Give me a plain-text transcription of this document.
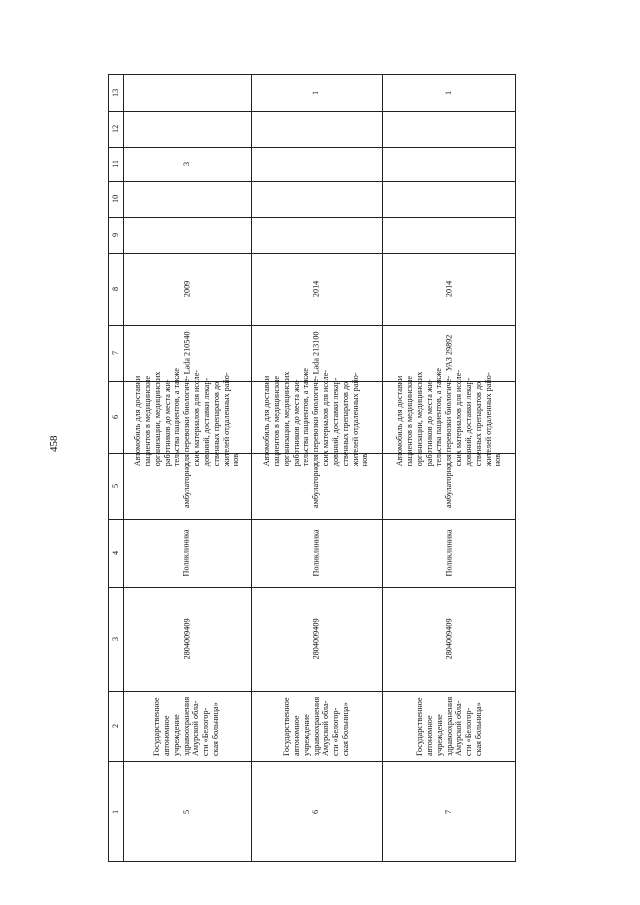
458
1
2
3
4
5
6
7
8
9
10
11
12
13
5
Государственное
автономное
учреждение
здравоохранения
Амурской обла-
сти «Белогор-
ская больница»
2804009409
Поликлиника
амбулаторно
Автомобиль для доставки
пациентов в медицинские
организации, медицинских
работников до места жи-
тельства пациентов, а также
для перевозки биологиче-
ских материалов для иссле-
дований, доставки лекар-
ственных препаратов до
жителей отдаленных райо-
нов
Lada 210540
2009
3
6
Государственное
автономное
учреждение
здравоохранения
Амурской обла-
сти «Белогор-
ская больница»
2804009409
Поликлиника
амбулаторно
Автомобиль для доставки
пациентов в медицинские
организации, медицинских
работников до места жи-
тельства пациентов, а также
для перевозки биологиче-
ских материалов для иссле-
дований, доставки лекар-
ственных препаратов до
жителей отдаленных райо-
нов
Lada 213100
2014
1
7
Государственное
автономное
учреждение
здравоохранения
Амурской обла-
сти «Белогор-
ская больница»
2804009409
Поликлиника
амбулаторно
Автомобиль для доставки
пациентов в медицинские
организации, медицинских
работников до места жи-
тельства пациентов, а также
для перевозки биологиче-
ских материалов для иссле-
дований, доставки лекар-
ственных препаратов до
жителей отдаленных райо-
нов
УАЗ 29892
2014
1
